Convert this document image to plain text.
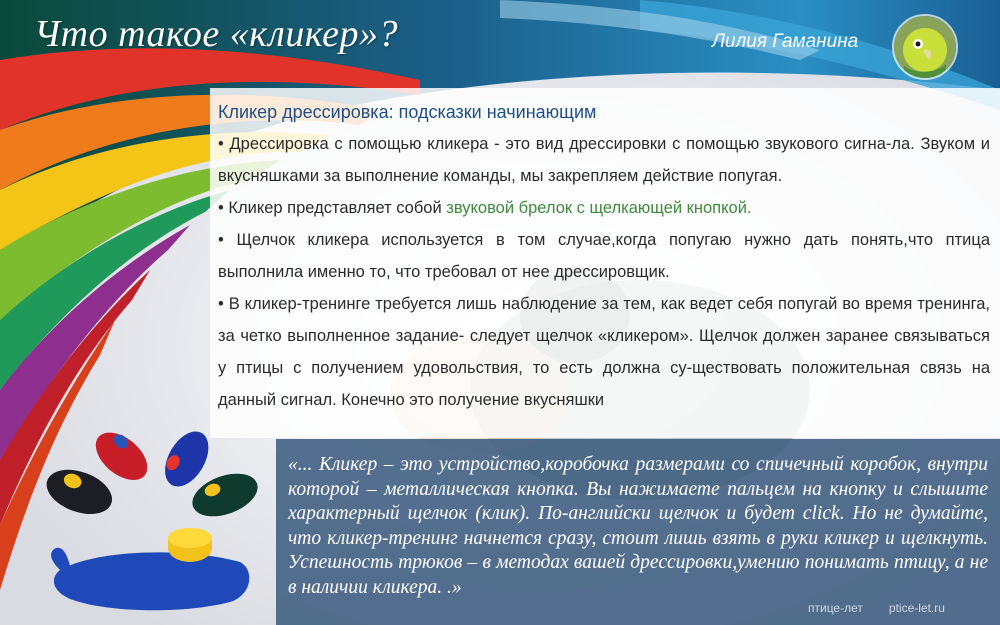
Что такое «кликер»?	Лилия Гаманина
Кликер дрессировка: подсказки начинающим

• Дрессировка с помощью кликера - это вид дрессировки с помощью звукового сигна-ла. Звуком и вкусняшками за выполнение команды, мы закрепляем действие попугая.

• Кликер представляет собой звуковой брелок с щелкающей кнопкой.

• Щелчок кликера используется в том случае,когда попугаю нужно дать понять,что птица выполнила именно то, что требовал от нее дрессировщик.

• В кликер-тренинге требуется лишь наблюдение за тем, как ведет себя попугай во время тренинга, за четко выполненное задание- следует щелчок «кликером». Щелчок должен заранее связываться у птицы с получением удовольствия, то есть должна су-ществовать положительная связь на данный сигнал. Конечно это получение вкусняшки

«... Кликер – это устройство,коробочка размерами со спичечный коробок, внутри которой – металлическая кнопка. Вы нажимаете пальцем на кнопку и слышите характерный щелчок (клик). По-английски щелчок и будет click. Но не думайте, что кликер-тренинг начнется сразу, стоит лишь взять в руки кликер и щелкнуть. Успешность трюков – в методах вашей дрессировки,умению понимать птицу, а не в наличии кликера. .»
птице-лет ptice-let.ru
